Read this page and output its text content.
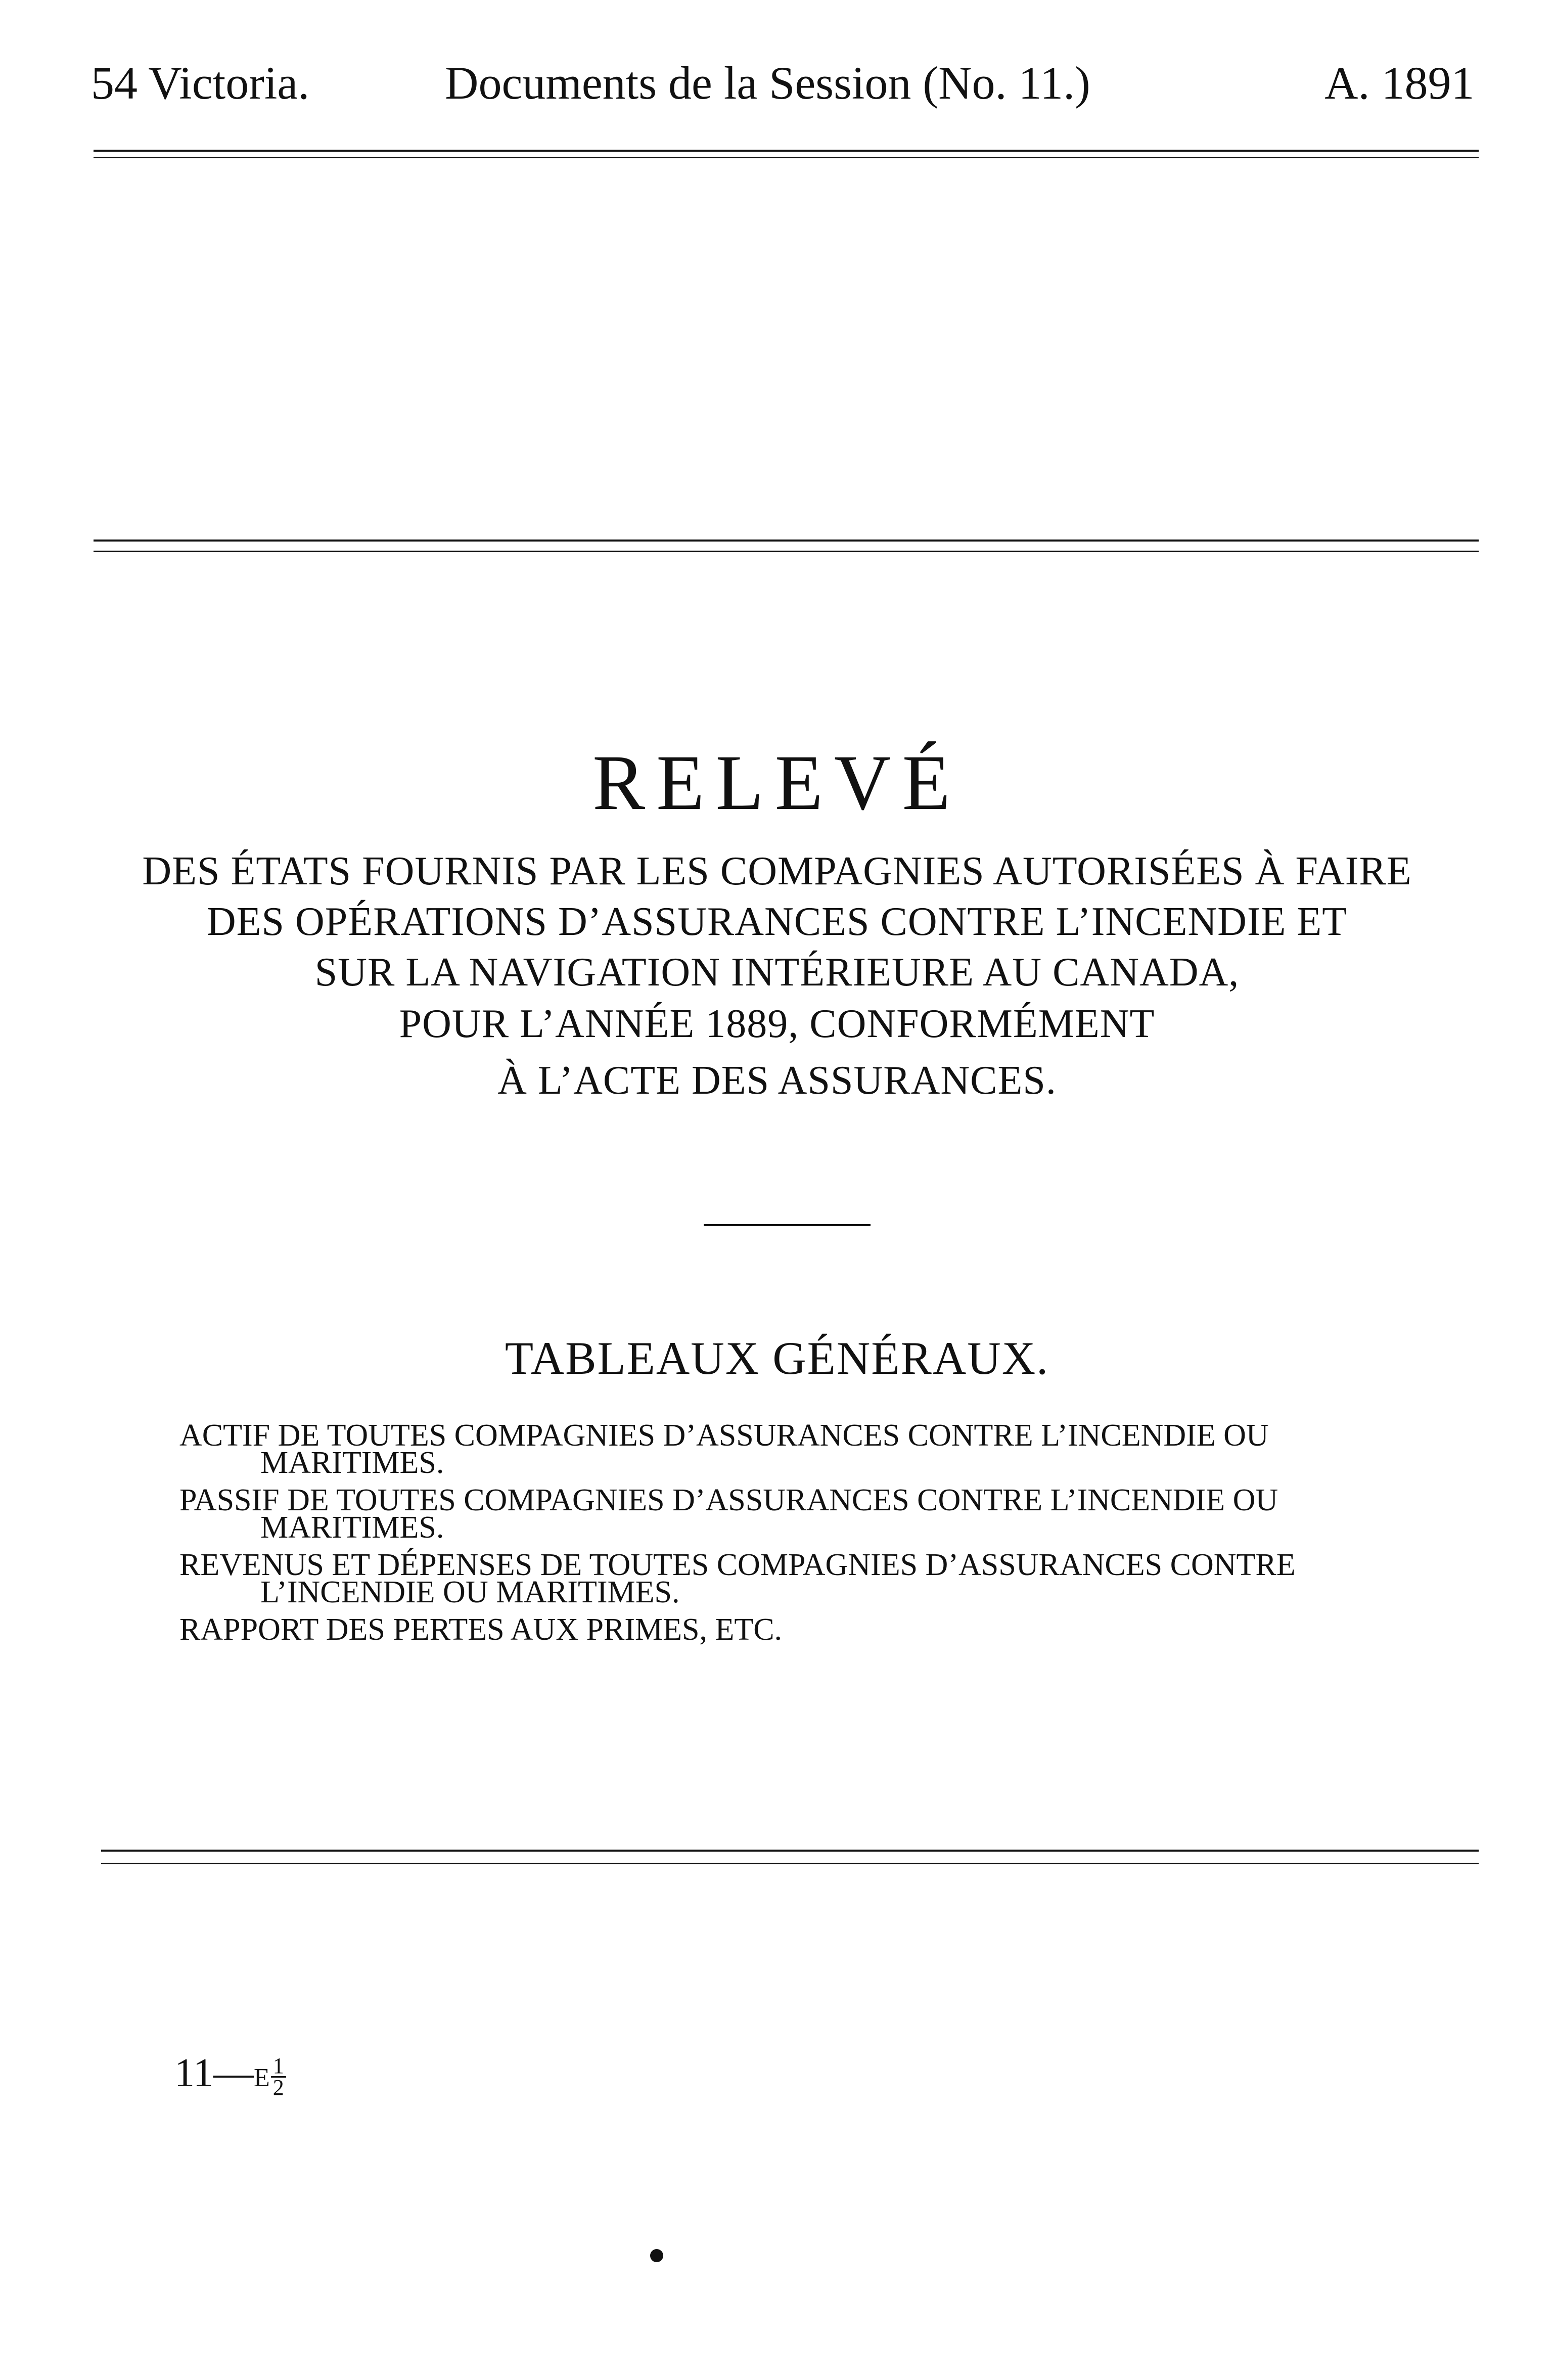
54 Victoria.	Documents de la Session (No. 11.)	A. 1891
RELEVÉ
DES ÉTATS FOURNIS PAR LES COMPAGNIES AUTORISÉES À FAIRE
DES OPÉRATIONS D’ASSURANCES CONTRE L’INCENDIE ET
SUR LA NAVIGATION INTÉRIEURE AU CANADA,
POUR L’ANNÉE 1889, CONFORMÉMENT
À L’ACTE DES ASSURANCES.
TABLEAUX GÉNÉRAUX.
ACTIF DE TOUTES COMPAGNIES D’ASSURANCES CONTRE L’INCENDIE OU MARITIMES.
PASSIF DE TOUTES COMPAGNIES D’ASSURANCES CONTRE L’INCENDIE OU MARITIMES.
REVENUS ET DÉPENSES DE TOUTES COMPAGNIES D’ASSURANCES CONTRE L’INCENDIE OU MARITIMES.
RAPPORT DES PERTES AUX PRIMES, ETC.
11—E $\frac{1}{2}$
